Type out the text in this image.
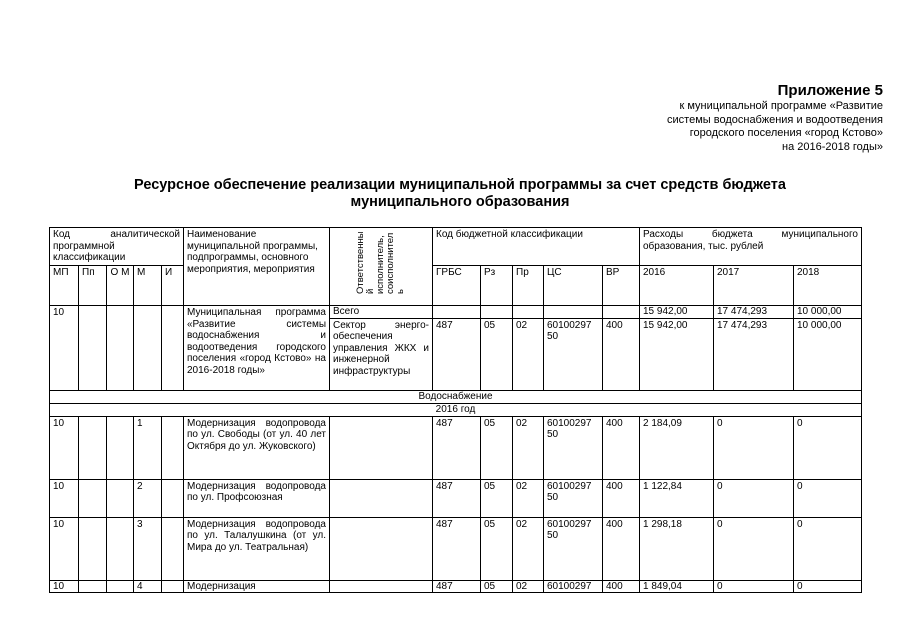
Приложение 5
к муниципальной программе «Развитие
системы водоснабжения и водоотведения
городского поселения «город Кстово»
на 2016-2018 годы»
Ресурсное обеспечение реализации муниципальной программы за счет средств бюджета
муниципального образования
Код аналитической программной классификации					Наименование муниципальной программы, подпрограммы, основного мероприятия, мероприятия	Ответственны й исполнитель, соисполнител ь	Код бюджетной классификации					Расходы бюджета муниципального образования, тыс. рублей		
МП	Пп	О М	М	И			ГРБС	Рз	Пр	ЦС	ВР	2016	2017	2018
10					Муниципальная программа «Развитие системы водоснабжения и водоотведения городского поселения «город Кстово» на 2016-2018 годы»	Всего						15 942,00	17 474,293	10 000,00
						Сектор энерго-обеспечения управления ЖКХ и инженерной инфраструктуры	487	05	02	60100297 50	400	15 942,00	17 474,293	10 000,00
Водоснабжение														
2016 год														
10			1		Модернизация водопровода по ул. Свободы (от ул. 40 лет Октября до ул. Жуковского)		487	05	02	60100297 50	400	2 184,09	0	0
10			2		Модернизация водопровода по ул. Профсоюзная		487	05	02	60100297 50	400	1 122,84	0	0
10			3		Модернизация водопровода по ул. Талалушкина (от ул. Мира до ул. Театральная)		487	05	02	60100297 50	400	1 298,18	0	0
10			4		Модернизация		487	05	02	60100297	400	1 849,04	0	0
